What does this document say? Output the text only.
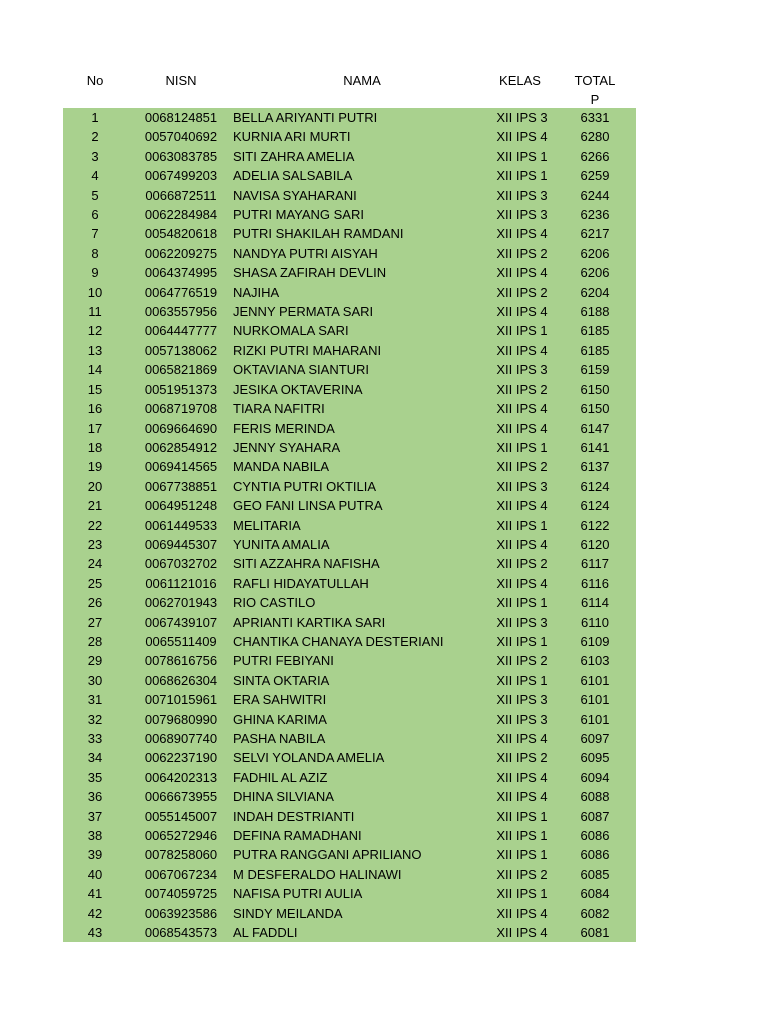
No	NISN	NAMA	KELAS	TOTAL
P
1	0068124851 BELLA ARIYANTI PUTRI	XII IPS 3	6331
2	0057040692 KURNIA ARI MURTI	XII IPS 4	6280
3	0063083785 SITI ZAHRA AMELIA	XII IPS 1	6266
4	0067499203 ADELIA SALSABILA	XII IPS 1	6259
5	0066872511 NAVISA SYAHARANI	XII IPS 3	6244
6	0062284984 PUTRI MAYANG SARI	XII IPS 3	6236
7	0054820618 PUTRI SHAKILAH RAMDANI	XII IPS 4	6217
8	0062209275 NANDYA PUTRI AISYAH	XII IPS 2	6206
9	0064374995 SHASA ZAFIRAH DEVLIN	XII IPS 4	6206
10	0064776519 NAJIHA	XII IPS 2	6204
11	0063557956 JENNY PERMATA SARI	XII IPS 4	6188
12	0064447777 NURKOMALA SARI	XII IPS 1	6185
13	0057138062 RIZKI PUTRI MAHARANI	XII IPS 4	6185
14	0065821869 OKTAVIANA SIANTURI	XII IPS 3	6159
15	0051951373 JESIKA OKTAVERINA	XII IPS 2	6150
16	0068719708 TIARA NAFITRI	XII IPS 4	6150
17	0069664690 FERIS MERINDA	XII IPS 4	6147
18	0062854912 JENNY SYAHARA	XII IPS 1	6141
19	0069414565 MANDA NABILA	XII IPS 2	6137
20	0067738851 CYNTIA PUTRI OKTILIA	XII IPS 3	6124
21	0064951248 GEO FANI LINSA PUTRA	XII IPS 4	6124
22	0061449533 MELITARIA	XII IPS 1	6122
23	0069445307 YUNITA AMALIA	XII IPS 4	6120
24	0067032702 SITI AZZAHRA NAFISHA	XII IPS 2	6117
25	0061121016 RAFLI HIDAYATULLAH	XII IPS 4	6116
26	0062701943 RIO CASTILO	XII IPS 1	6114
27	0067439107 APRIANTI KARTIKA SARI	XII IPS 3	6110
28	0065511409 CHANTIKA CHANAYA DESTERIANI	XII IPS 1	6109
29	0078616756 PUTRI FEBIYANI	XII IPS 2	6103
30	0068626304 SINTA OKTARIA	XII IPS 1	6101
31	0071015961 ERA SAHWITRI	XII IPS 3	6101
32	0079680990 GHINA KARIMA	XII IPS 3	6101
33	0068907740 PASHA NABILA	XII IPS 4	6097
34	0062237190 SELVI YOLANDA AMELIA	XII IPS 2	6095
35	0064202313 FADHIL AL AZIZ	XII IPS 4	6094
36	0066673955 DHINA SILVIANA	XII IPS 4	6088
37	0055145007 INDAH DESTRIANTI	XII IPS 1	6087
38	0065272946 DEFINA RAMADHANI	XII IPS 1	6086
39	0078258060 PUTRA RANGGANI APRILIANO	XII IPS 1	6086
40	0067067234 M DESFERALDO HALINAWI	XII IPS 2	6085
41	0074059725 NAFISA PUTRI AULIA	XII IPS 1	6084
42	0063923586 SINDY MEILANDA	XII IPS 4	6082
43	0068543573 AL FADDLI	XII IPS 4	6081
